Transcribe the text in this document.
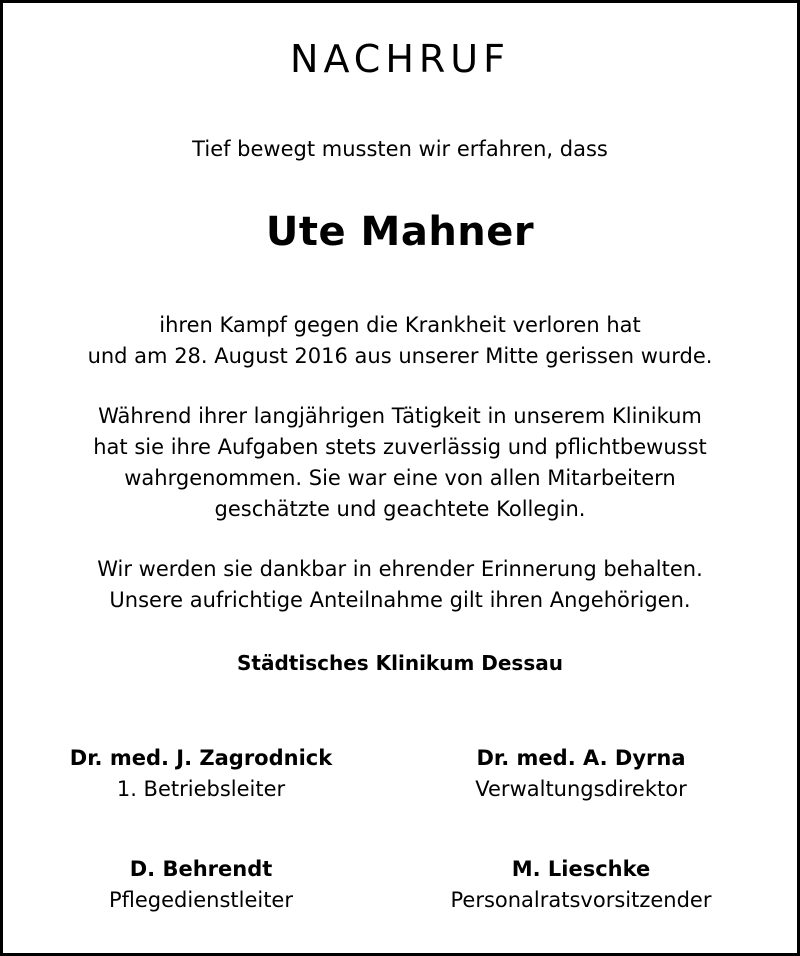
NACHRUF
Tief bewegt mussten wir erfahren, dass
Ute Mahner
ihren Kampf gegen die Krankheit verloren hat
und am 28. August 2016 aus unserer Mitte gerissen wurde.
Während ihrer langjährigen Tätigkeit in unserem Klinikum
hat sie ihre Aufgaben stets zuverlässig und pflichtbewusst
wahrgenommen. Sie war eine von allen Mitarbeitern
geschätzte und geachtete Kollegin.
Wir werden sie dankbar in ehrender Erinnerung behalten.
Unsere aufrichtige Anteilnahme gilt ihren Angehörigen.
Städtisches Klinikum Dessau
Dr. med. J. Zagrodnick
1. Betriebsleiter
Dr. med. A. Dyrna
Verwaltungsdirektor
D. Behrendt
Pflegedienstleiter
M. Lieschke
Personalratsvorsitzender
